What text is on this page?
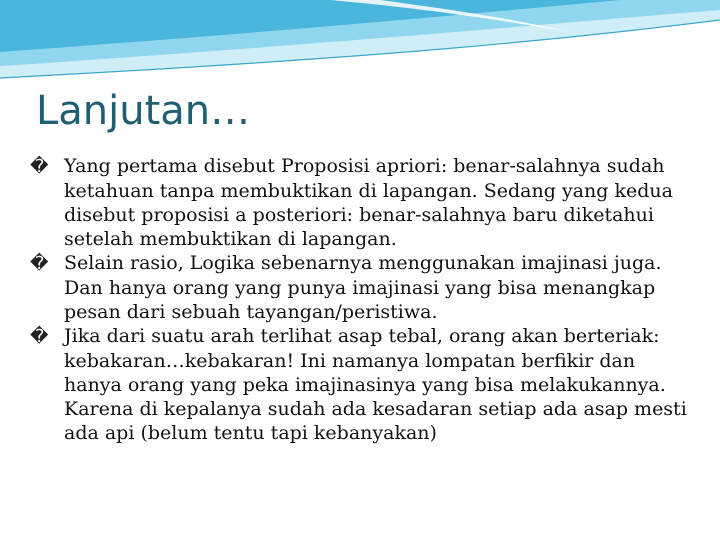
Lanjutan…

� Yang pertama disebut Proposisi apriori: benar-salahnya sudah ketahuan tanpa membuktikan di lapangan. Sedang yang kedua disebut proposisi a posteriori: benar-salahnya baru diketahui setelah membuktikan di lapangan.

� Selain rasio, Logika sebenarnya menggunakan imajinasi juga. Dan hanya orang yang punya imajinasi yang bisa menangkap pesan dari sebuah tayangan/peristiwa.

� Jika dari suatu arah terlihat asap tebal, orang akan berteriak: kebakaran…kebakaran! Ini namanya lompatan berfikir dan hanya orang yang peka imajinasinya yang bisa melakukannya. Karena di kepalanya sudah ada kesadaran setiap ada asap mesti ada api (belum tentu tapi kebanyakan)
